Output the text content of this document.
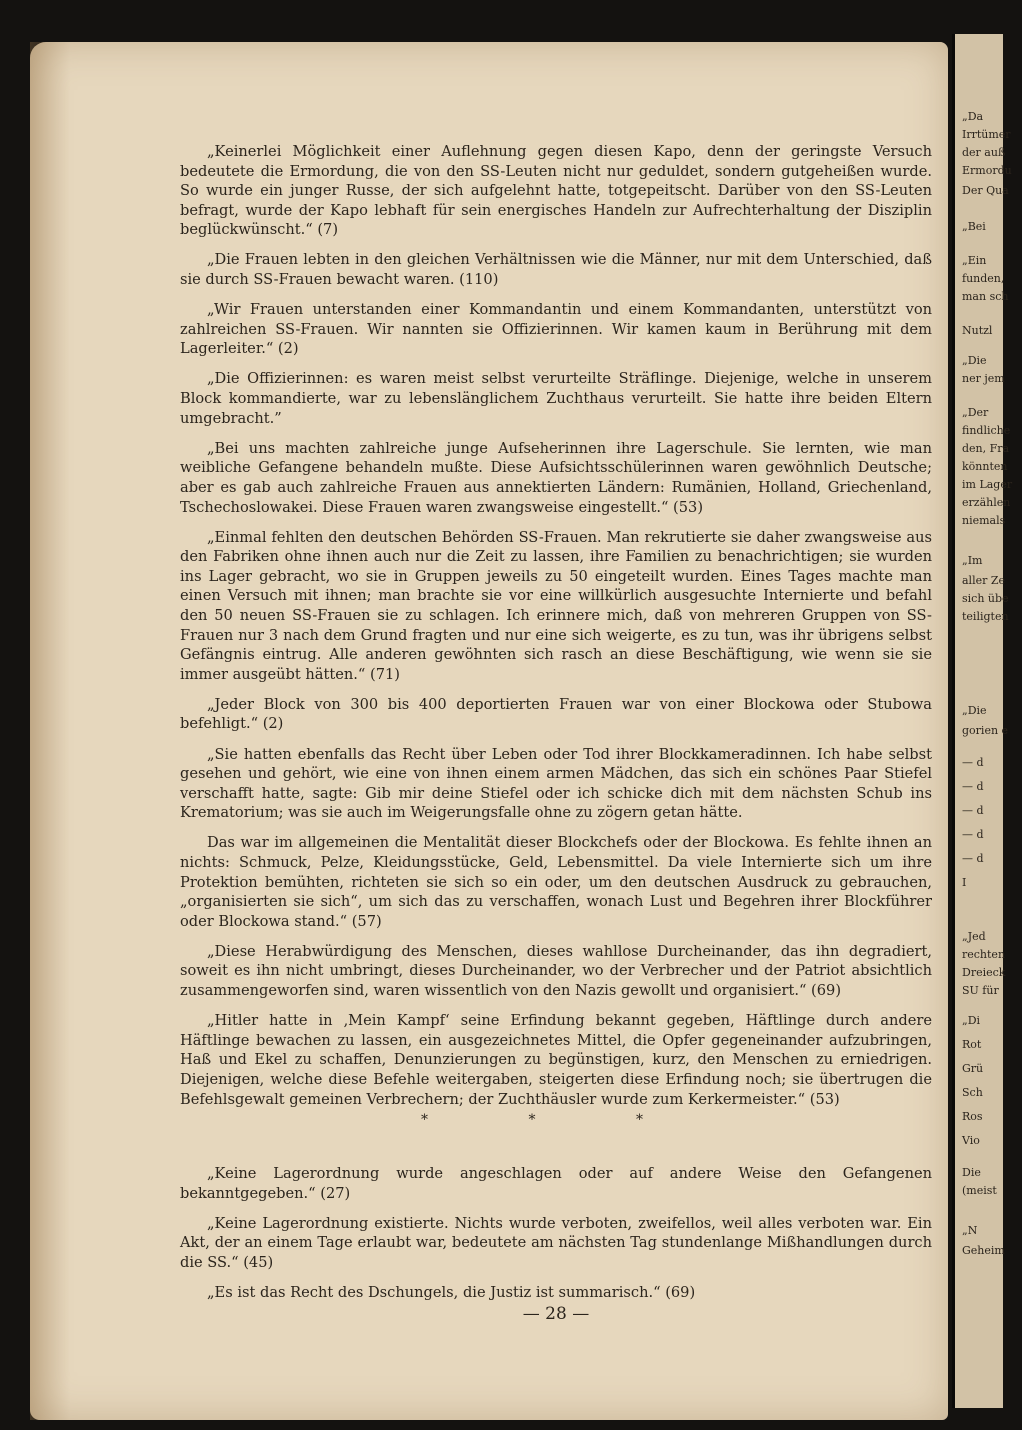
„Keinerlei Möglichkeit einer Auflehnung gegen diesen Kapo, denn der geringste Versuch bedeutete die Ermordung, die von den SS-Leuten nicht nur geduldet, sondern gutgeheißen wurde. So wurde ein junger Russe, der sich aufgelehnt hatte, totgepeitscht. Darüber von den SS-Leuten befragt, wurde der Kapo lebhaft für sein energisches Handeln zur Aufrechterhaltung der Disziplin beglückwünscht.“ (7)

„Die Frauen lebten in den gleichen Verhältnissen wie die Männer, nur mit dem Unterschied, daß sie durch SS-Frauen bewacht waren. (110)

„Wir Frauen unterstanden einer Kommandantin und einem Kommandanten, unterstützt von zahlreichen SS-Frauen. Wir nannten sie Offizierinnen. Wir kamen kaum in Berührung mit dem Lagerleiter.“ (2)

„Die Offizierinnen: es waren meist selbst verurteilte Sträflinge. Diejenige, welche in unserem Block kommandierte, war zu lebenslänglichem Zuchthaus verurteilt. Sie hatte ihre beiden Eltern umgebracht.”

„Bei uns machten zahlreiche junge Aufseherinnen ihre Lagerschule. Sie lernten, wie man weibliche Gefangene behandeln mußte. Diese Aufsichtsschülerinnen waren gewöhnlich Deutsche; aber es gab auch zahlreiche Frauen aus annektierten Ländern: Rumänien, Holland, Griechenland, Tschechoslowakei. Diese Frauen waren zwangsweise eingestellt.“ (53)

„Einmal fehlten den deutschen Behörden SS-Frauen. Man rekrutierte sie daher zwangsweise aus den Fabriken ohne ihnen auch nur die Zeit zu lassen, ihre Familien zu benachrichtigen; sie wurden ins Lager gebracht, wo sie in Gruppen jeweils zu 50 eingeteilt wurden. Eines Tages machte man einen Versuch mit ihnen; man brachte sie vor eine willkürlich ausgesuchte Internierte und befahl den 50 neuen SS-Frauen sie zu schlagen. Ich erinnere mich, daß von mehreren Gruppen von SS-Frauen nur 3 nach dem Grund fragten und nur eine sich weigerte, es zu tun, was ihr übrigens selbst Gefängnis eintrug. Alle anderen gewöhnten sich rasch an diese Beschäftigung, wie wenn sie sie immer ausgeübt hätten.“ (71)

„Jeder Block von 300 bis 400 deportierten Frauen war von einer Blockowa oder Stubowa befehligt.“ (2)

„Sie hatten ebenfalls das Recht über Leben oder Tod ihrer Blockkameradinnen. Ich habe selbst gesehen und gehört, wie eine von ihnen einem armen Mädchen, das sich ein schönes Paar Stiefel verschafft hatte, sagte: Gib mir deine Stiefel oder ich schicke dich mit dem nächsten Schub ins Krematorium; was sie auch im Weigerungsfalle ohne zu zögern getan hätte.

Das war im allgemeinen die Mentalität dieser Blockchefs oder der Blockowa. Es fehlte ihnen an nichts: Schmuck, Pelze, Kleidungsstücke, Geld, Lebensmittel. Da viele Internierte sich um ihre Protektion bemühten, richteten sie sich so ein oder, um den deutschen Ausdruck zu gebrauchen, „organisierten sie sich“, um sich das zu verschaffen, wonach Lust und Begehren ihrer Blockführer oder Blockowa stand.“ (57)

„Diese Herabwürdigung des Menschen, dieses wahllose Durcheinander, das ihn degradiert, soweit es ihn nicht umbringt, dieses Durcheinander, wo der Verbrecher und der Patriot absichtlich zusammengeworfen sind, waren wissentlich von den Nazis gewollt und organisiert.“ (69)

„Hitler hatte in ‚Mein Kampf‘ seine Erfindung bekannt gegeben, Häftlinge durch andere Häftlinge bewachen zu lassen, ein ausgezeichnetes Mittel, die Opfer gegeneinander aufzubringen, Haß und Ekel zu schaffen, Denunzierungen zu begünstigen, kurz, den Menschen zu erniedrigen. Diejenigen, welche diese Befehle weitergaben, steigerten diese Erfindung noch; sie übertrugen die Befehlsgewalt gemeinen Verbrechern; der Zuchthäusler wurde zum Kerkermeister.“ (53)

* * *

„Keine Lagerordnung wurde angeschlagen oder auf andere Weise den Gefangenen bekanntgegeben.“ (27)

„Keine Lagerordnung existierte. Nichts wurde verboten, zweifellos, weil alles verboten war. Ein Akt, der an einem Tage erlaubt war, bedeutete am nächsten Tag stundenlange Mißhandlungen durch die SS.“ (45)

„Es ist das Recht des Dschungels, die Justiz ist summarisch.“ (69)

— 28 —
„Da
Irrtümer
der auß
Ermordu
Der Qua
„Bei
„Ein
funden,
man sch
Nutzl
„Die
ner jem
„Der
findliche
den, Fra
könnten
im Lager
erzählen
niemals
„Im
aller Ze
sich übe
teiligten
„Die
gorien e
— d
— d
— d
— d
— d
I
„Jed
rechten
Dreieck
SU für
„Di
Rot
Grü
Sch
Ros
Vio
Die
(meist
„N
Geheim
